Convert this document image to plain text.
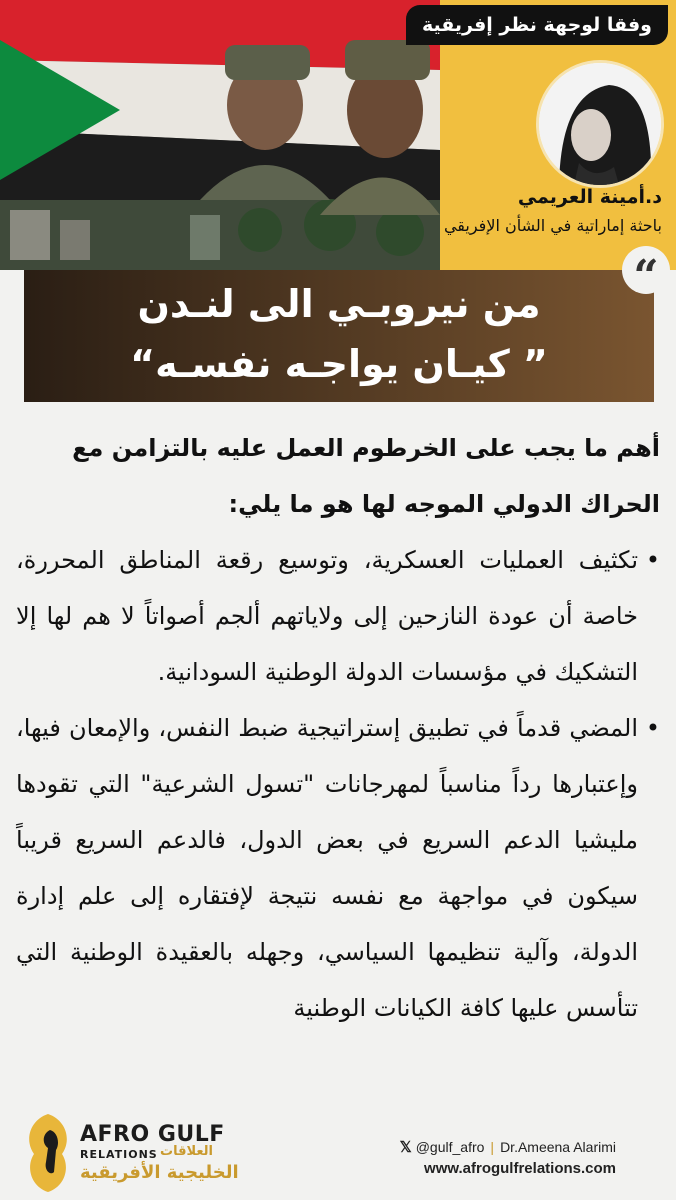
وفقا لوجهة نظر إفريقية
د.أمينة العريمي
باحثة إماراتية في الشأن الإفريقي
“
من نيروبـي الى لنـدن
” كيـان يواجـه نفسـه“

أهم ما يجب على الخرطوم العمل عليه بالتزامن مع الحراك الدولي الموجه لها هو ما يلي:

•
تكثيف العمليات العسكرية، وتوسيع رقعة المناطق المحررة، خاصة أن عودة النازحين إلى ولاياتهم ألجم أصواتاً لا هم لها إلا التشكيك في مؤسسات الدولة الوطنية السودانية.

•
المضي قدماً في تطبيق إستراتيجية ضبط النفس، والإمعان فيها، وإعتبارها رداً مناسباً لمهرجانات "تسول الشرعية" التي تقودها مليشيا الدعم السريع في بعض الدول، فالدعم السريع قريباً سيكون في مواجهة مع نفسه نتيجة لإفتقاره إلى علم إدارة الدولة، وآلية تنظيمها السياسي، وجهله بالعقيدة الوطنية التي تتأسس عليها كافة الكيانات الوطنية

AFRO GULF
RELATIONS العلاقات
الخليجية الأفريقية
𝕏 @gulf_afro | Dr.Ameena Alarimi
www.afrogulfrelations.com
